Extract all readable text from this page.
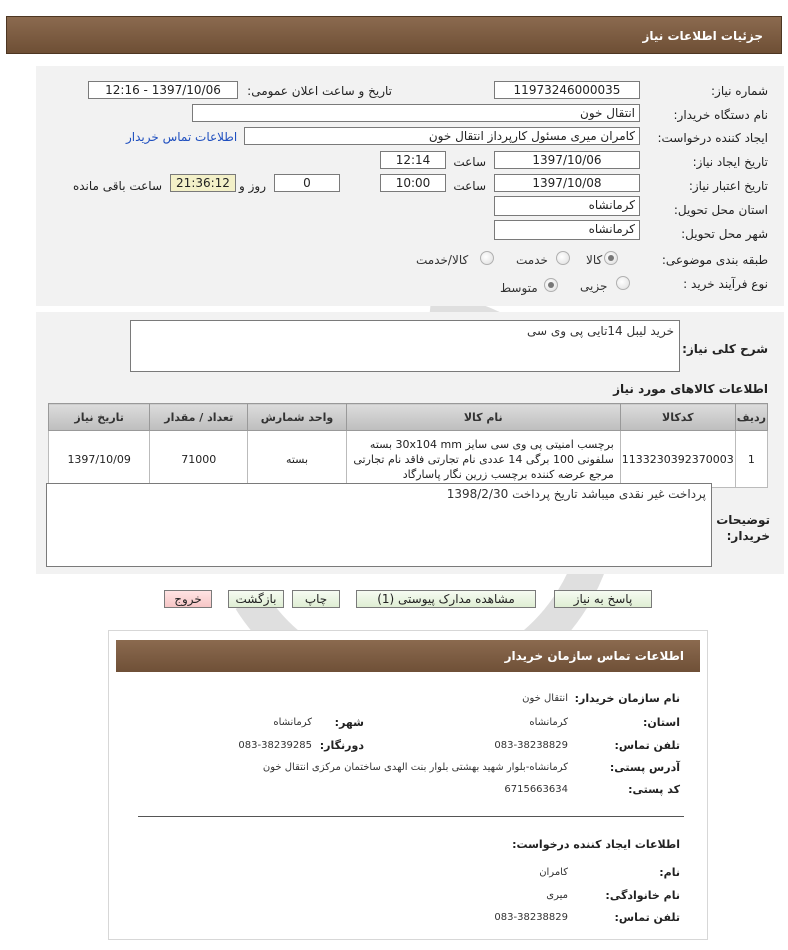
جزئیات اطلاعات نیاز
شماره نیاز:
11973246000035
تاریخ و ساعت اعلان عمومی:
1397/10/06 - 12:16
نام دستگاه خریدار:
انتقال خون
ایجاد کننده درخواست:
کامران میری مسئول کارپرداز انتقال خون
اطلاعات تماس خریدار
تاریخ ایجاد نیاز:
1397/10/06
ساعت
12:14
تاریخ اعتبار نیاز:
1397/10/08
ساعت
10:00
0
روز و
21:36:12
ساعت باقی مانده
استان محل تحویل:
کرمانشاه
شهر محل تحویل:
کرمانشاه
طبقه بندی موضوعی:
کالا
خدمت
کالا/خدمت
نوع فرآیند خرید :
جزیی
متوسط
خرید لیبل 14تایی پی وی سی
شرح کلی نیاز:
اطلاعات کالاهای مورد نیاز
ردیف	کدکالا	نام کالا	واحد شمارش	تعداد / مقدار	تاریخ نیاز
1	1133230392370003	برچسب امنیتی پی وی سی سایز 30x104 mm بسته سلفونی 100 برگی 14 عددی نام تجارتی فاقد نام تجارتی مرجع عرضه کننده برچسب زرین نگار پاسارگاد	بسته	71000	1397/10/09
پرداخت غیر نقدی میباشد تاریخ پرداخت 1398/2/30
توضیحات خریدار:
پاسخ به نیاز
مشاهده مدارک پیوستی (1)
چاپ
بازگشت
خروج
اطلاعات تماس سازمان خریدار
نام سازمان خریدار:
انتقال خون
استان:
کرمانشاه
شهر:
کرمانشاه
تلفن تماس:
083-38238829
دورنگار:
083-38239285
آدرس پستی:
کرمانشاه-بلوار شهید بهشتی بلوار بنت الهدی ساختمان مرکزی انتقال خون
کد پستی:
6715663634
اطلاعات ایجاد کننده درخواست:
نام:
کامران
نام خانوادگی:
میری
تلفن تماس:
083-38238829
